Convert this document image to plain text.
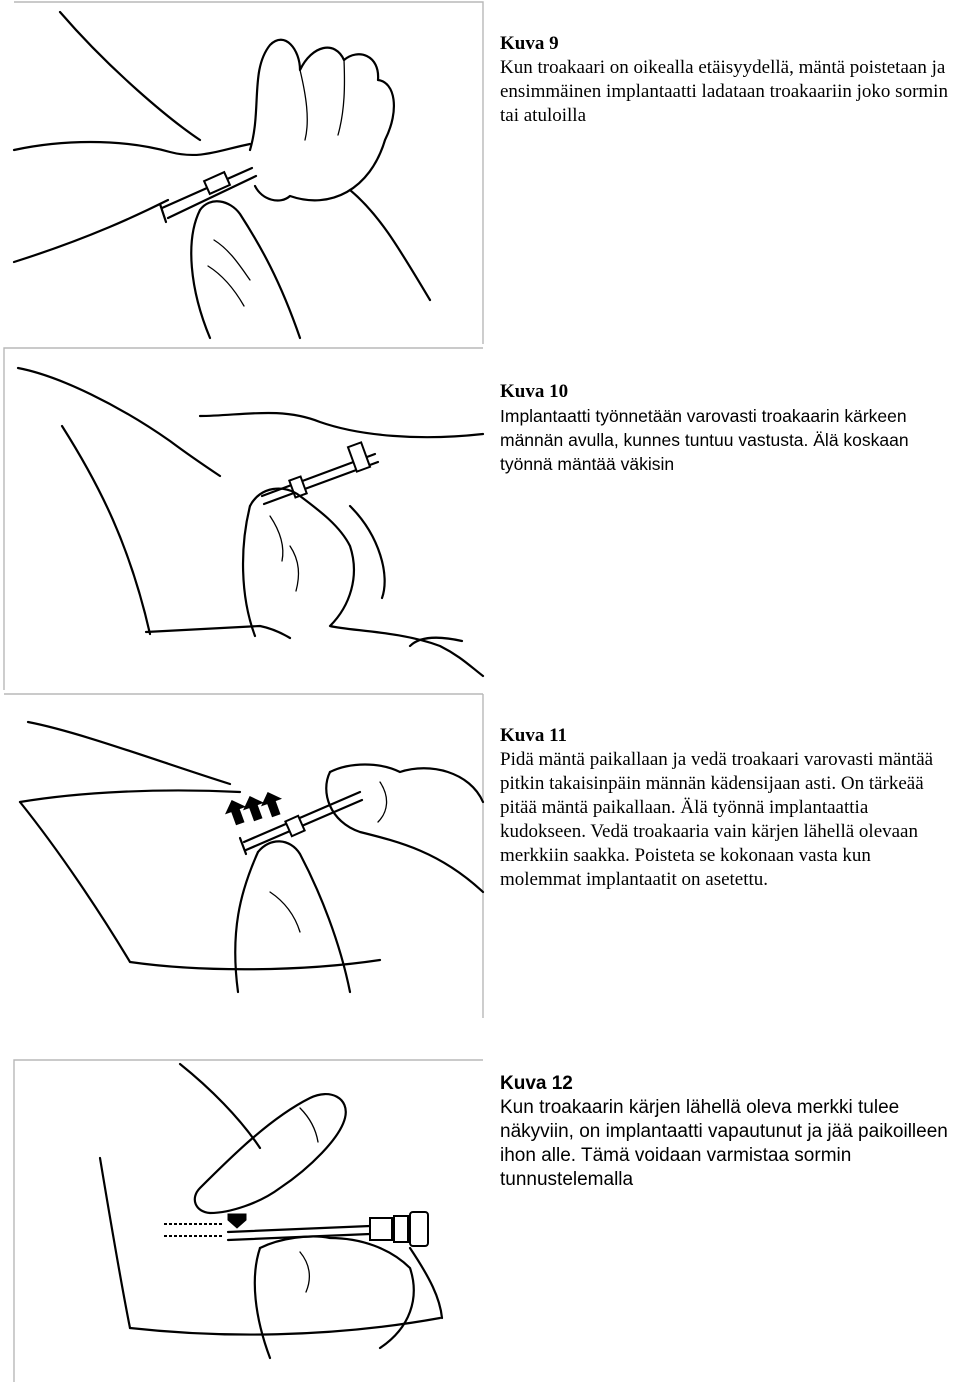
Kuva 9
Kun troakaari on oikealla etäisyydellä, mäntä poistetaan ja ensimmäinen implantaatti ladataan troakaariin joko sormin tai atuloilla
Kuva 10
Implantaatti työnnetään varovasti troakaarin kärkeen männän avulla, kunnes tuntuu vastusta. Älä koskaan työnnä mäntää väkisin
Kuva 11
Pidä mäntä paikallaan ja vedä troakaari varovasti mäntää pitkin takaisinpäin männän kädensijaan asti. On tärkeää pitää mäntä paikallaan. Älä työnnä implantaattia kudokseen. Vedä troakaaria vain kärjen lähellä olevaan merkkiin saakka. Poisteta se kokonaan vasta kun molemmat implantaatit on asetettu.
Kuva 12
Kun troakaarin kärjen lähellä oleva merkki tulee näkyviin, on implantaatti vapautunut ja jää paikoilleen ihon alle. Tämä voidaan varmistaa sormin tunnustelemalla
